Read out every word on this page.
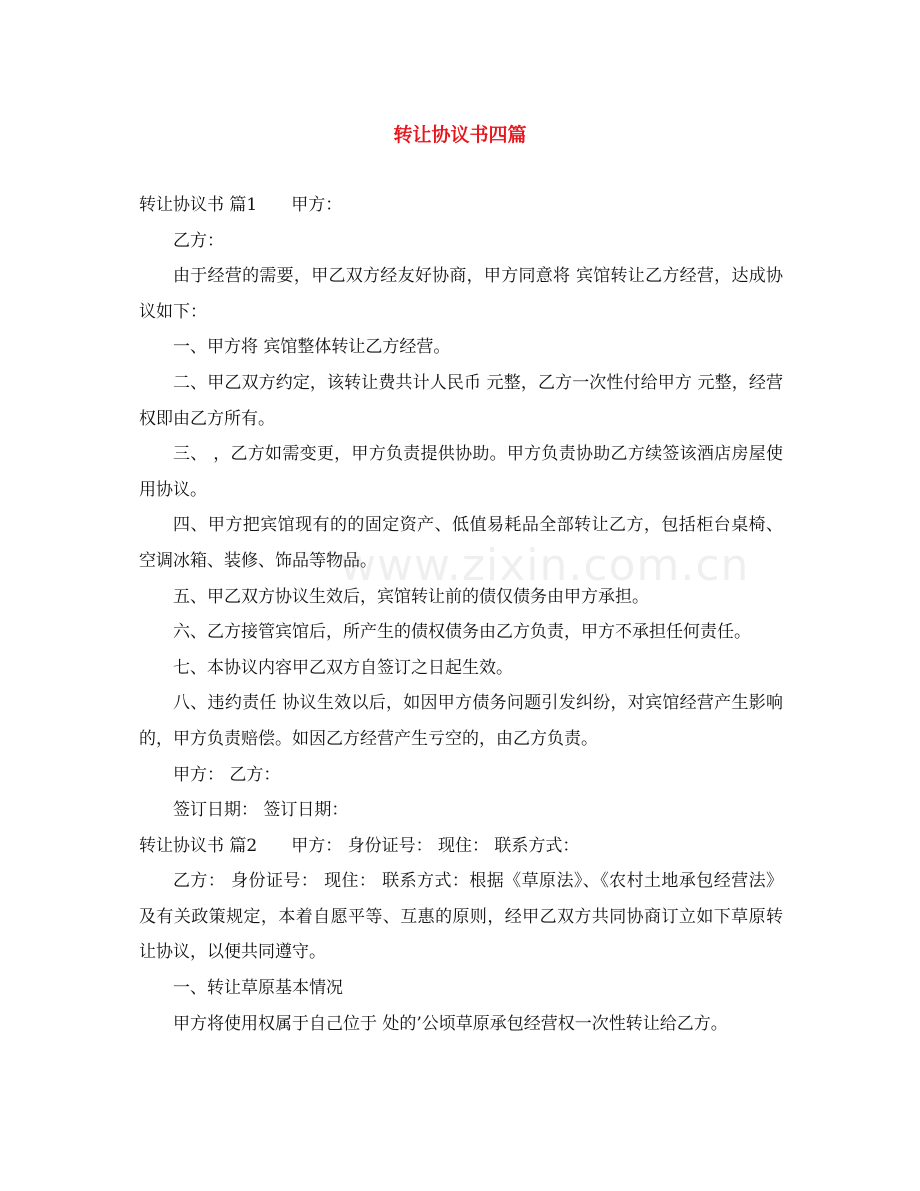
www.zixin.com.cn
转让协议书四篇

转让协议书 篇1　　甲方：

乙方：

由于经营的需要，甲乙双方经友好协商，甲方同意将 宾馆转让乙方经营，达成协议如下：

一、甲方将 宾馆整体转让乙方经营。

二、甲乙双方约定，该转让费共计人民币 元整，乙方一次性付给甲方 元整，经营权即由乙方所有。

三、 ，乙方如需变更，甲方负责提供协助。甲方负责协助乙方续签该酒店房屋使用协议。

四、甲方把宾馆现有的的固定资产、低值易耗品全部转让乙方，包括柜台桌椅、空调冰箱、装修、饰品等物品。

五、甲乙双方协议生效后，宾馆转让前的债仅债务由甲方承担。

六、乙方接管宾馆后，所产生的债权债务由乙方负责，甲方不承担任何责任。

七、本协议内容甲乙双方自签订之日起生效。

八、违约责任 协议生效以后，如因甲方债务问题引发纠纷，对宾馆经营产生影响的，甲方负责赔偿。如因乙方经营产生亏空的，由乙方负责。

甲方： 乙方：

签订日期： 签订日期：

转让协议书 篇2　　甲方： 身份证号： 现住： 联系方式：

乙方： 身份证号： 现住： 联系方式：根据《草原法》、《农村土地承包经营法》及有关政策规定，本着自愿平等、互惠的原则，经甲乙双方共同协商订立如下草原转让协议，以便共同遵守。

一、转让草原基本情况

甲方将使用权属于自己位于 处的’公顷草原承包经营权一次性转让给乙方。
